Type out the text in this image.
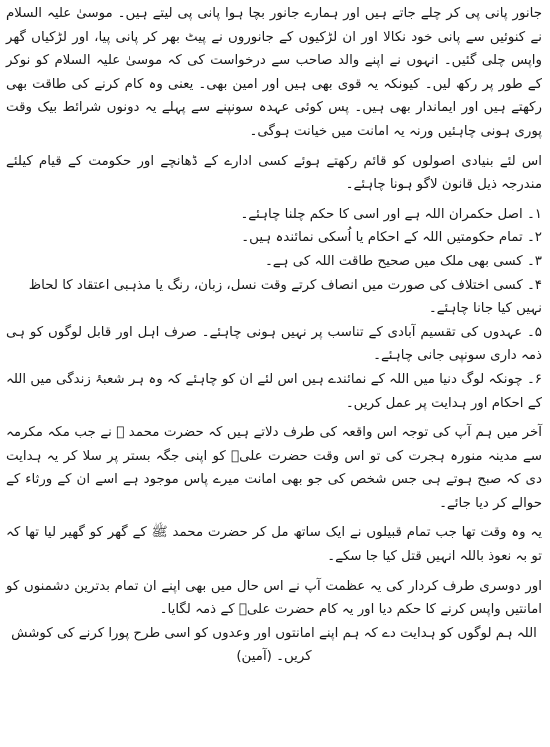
جانور پانی پی کر چلے جاتے ہیں اور ہمارے جانور بچا ہوا پانی پی لیتے ہیں۔ موسیٰ علیہ السلام نے کنوئیں سے پانی خود نکالا اور ان لڑکیوں کے جانوروں نے پیٹ بھر کر پانی پیا، اور لڑکیاں گھر واپس چلی گئیں۔ انہوں نے اپنے والد صاحب سے درخواست کی کہ موسیٰ علیہ السلام کو نوکر کے طور پر رکھ لیں۔ کیونکہ یہ قوی بھی ہیں اور امین بھی۔ یعنی وہ کام کرنے کی طاقت بھی رکھتے ہیں اور ایماندار بھی ہیں۔ پس کوئی عہدہ سونپنے سے پہلے یہ دونوں شرائط بیک وقت پوری ہونی چاہئیں ورنہ یہ امانت میں خیانت ہوگی۔

اس لئے بنیادی اصولوں کو قائم رکھتے ہوئے کسی ادارے کے ڈھانچے اور حکومت کے قیام کیلئے مندرجہ ذیل قانون لاگو ہونا چاہئے۔

۱۔ اصل حکمران اللہ ہے اور اسی کا حکم چلنا چاہئے۔

۲۔ تمام حکومتیں اللہ کے احکام یا اُسکی نمائندہ ہیں۔

۳۔ کسی بھی ملک میں صحیح طاقت اللہ کی ہے۔

۴۔ کسی اختلاف کی صورت میں انصاف کرتے وقت نسل، زبان، رنگ یا مذہبی اعتقاد کا لحاظ نہیں کیا جانا چاہئے۔

۵۔ عہدوں کی تقسیم آبادی کے تناسب پر نہیں ہونی چاہئے۔ صرف اہل اور قابل لوگوں کو ہی ذمہ داری سونپی جانی چاہئے۔

۶۔ چونکہ لوگ دنیا میں اللہ کے نمائندے ہیں اس لئے ان کو چاہئے کہ وہ ہر شعبۂ زندگی میں اللہ کے احکام اور ہدایت پر عمل کریں۔

آخر میں ہم آپ کی توجہ اس واقعہ کی طرف دلاتے ہیں کہ حضرت محمد ﷺ نے جب مکہ مکرمہ سے مدینہ منورہ ہجرت کی تو اس وقت حضرت علیؓ کو اپنی جگہ بستر پر سلا کر یہ ہدایت دی کہ صبح ہوتے ہی جس شخص کی جو بھی امانت میرے پاس موجود ہے اسے ان کے ورثاء کے حوالے کر دیا جائے۔

یہ وہ وقت تھا جب تمام قبیلوں نے ایک ساتھ مل کر حضرت محمد ﷺ کے گھر کو گھیر لیا تھا کہ تو بہ نعوذ باللہ انہیں قتل کیا جا سکے۔

اور دوسری طرف کردار کی یہ عظمت آپ نے اس حال میں بھی اپنے ان تمام بدترین دشمنوں کو امانتیں واپس کرنے کا حکم دیا اور یہ کام حضرت علیؓ کے ذمہ لگایا۔

اللہ ہم لوگوں کو ہدایت دے کہ ہم اپنے امانتوں اور وعدوں کو اسی طرح پورا کرنے کی کوشش کریں۔ (آمین)
